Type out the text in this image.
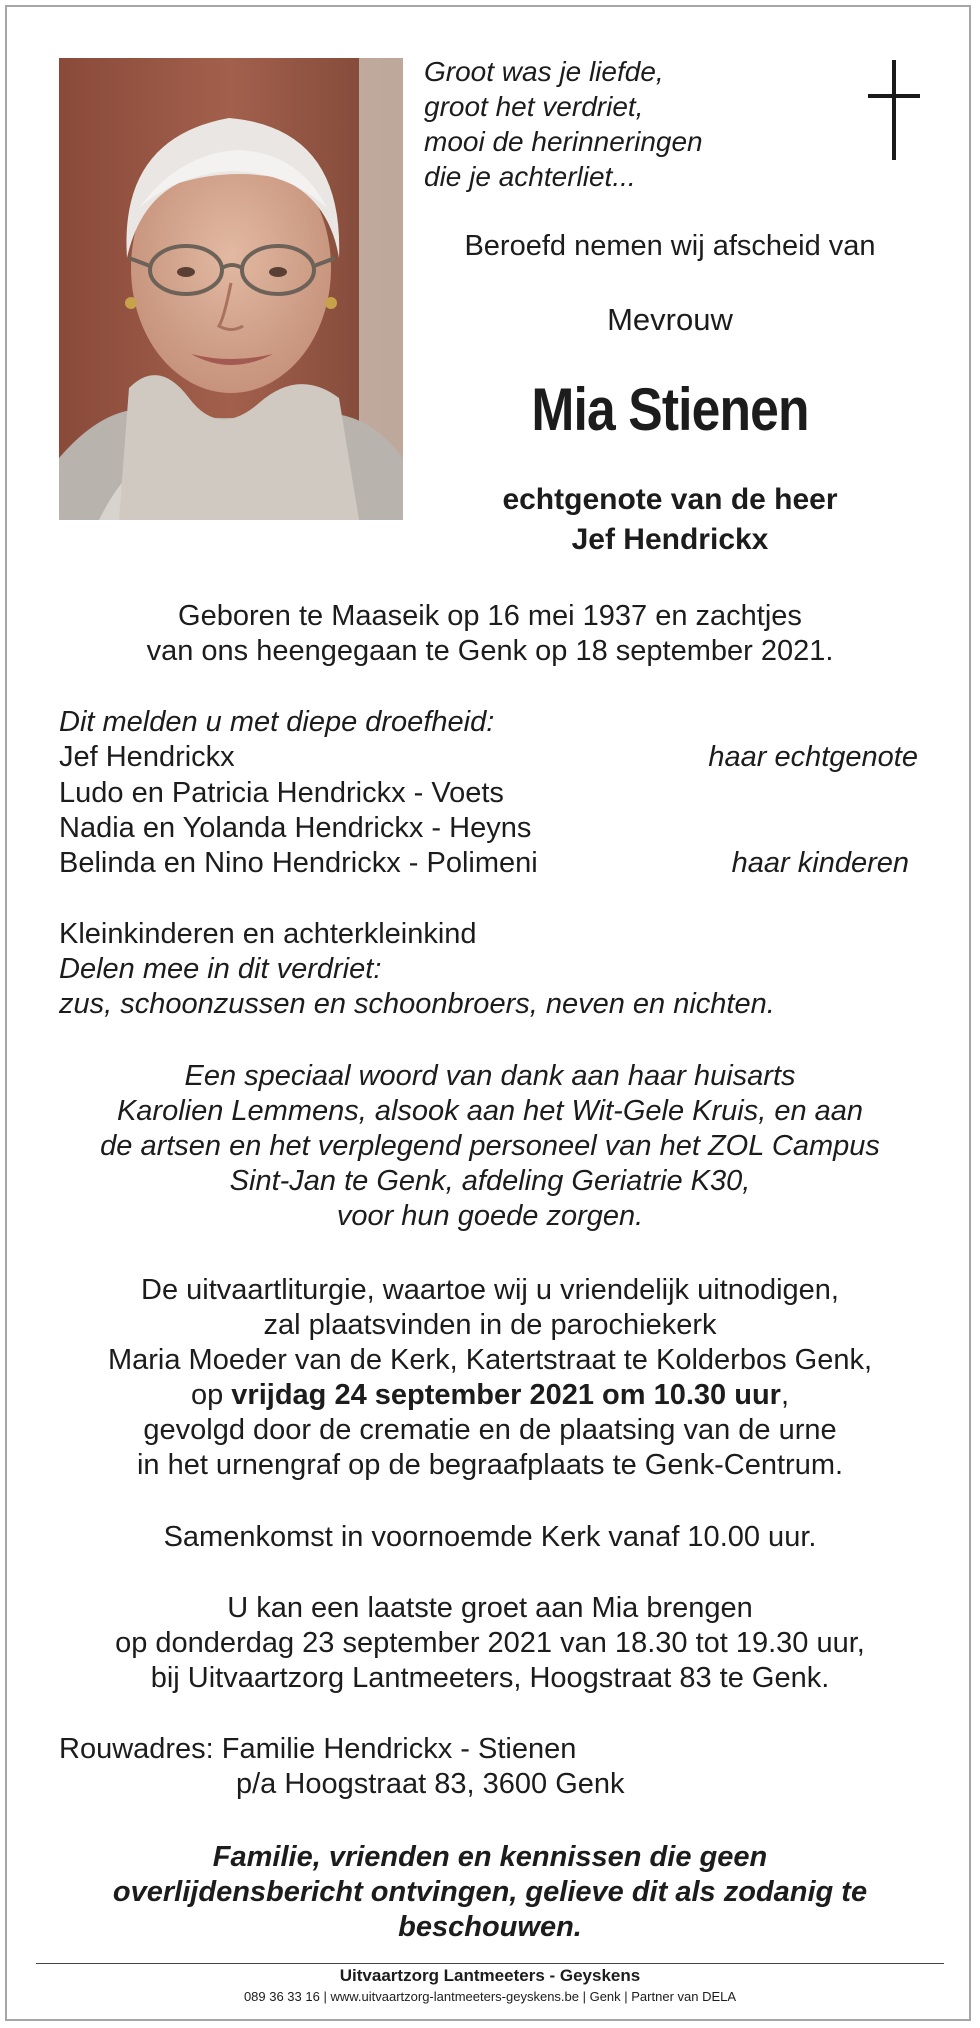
Groot was je liefde,
groot het verdriet,
mooi de herinneringen
die je achterliet...
Beroefd nemen wij afscheid van
Mevrouw
Mia Stienen
echtgenote van de heer
Jef Hendrickx
Geboren te Maaseik op 16 mei 1937 en zachtjes
van ons heengegaan te Genk op 18 september 2021.
Dit melden u met diepe droefheid:
Jef Hendrickx	haar echtgenote
Ludo en Patricia Hendrickx - Voets
Nadia en Yolanda Hendrickx - Heyns
Belinda en Nino Hendrickx - Polimeni	haar kinderen
Kleinkinderen en achterkleinkind
Delen mee in dit verdriet:
zus, schoonzussen en schoonbroers, neven en nichten.
Een speciaal woord van dank aan haar huisarts
Karolien Lemmens, alsook aan het Wit-Gele Kruis, en aan
de artsen en het verplegend personeel van het ZOL Campus
Sint-Jan te Genk, afdeling Geriatrie K30,
voor hun goede zorgen.
De uitvaartliturgie, waartoe wij u vriendelijk uitnodigen,
zal plaatsvinden in de parochiekerk
Maria Moeder van de Kerk, Katertstraat te Kolderbos Genk,
op vrijdag 24 september 2021 om 10.30 uur,
gevolgd door de crematie en de plaatsing van de urne
in het urnengraf op de begraafplaats te Genk-Centrum.
Samenkomst in voornoemde Kerk vanaf 10.00 uur.
U kan een laatste groet aan Mia brengen
op donderdag 23 september 2021 van 18.30 tot 19.30 uur,
bij Uitvaartzorg Lantmeeters, Hoogstraat 83 te Genk.
Rouwadres: Familie Hendrickx - Stienen
p/a Hoogstraat 83, 3600 Genk
Familie, vrienden en kennissen die geen
overlijdensbericht ontvingen, gelieve dit als zodanig te
beschouwen.
Uitvaartzorg Lantmeeters - Geyskens
089 36 33 16 | www.uitvaartzorg-lantmeeters-geyskens.be | Genk | Partner van DELA
